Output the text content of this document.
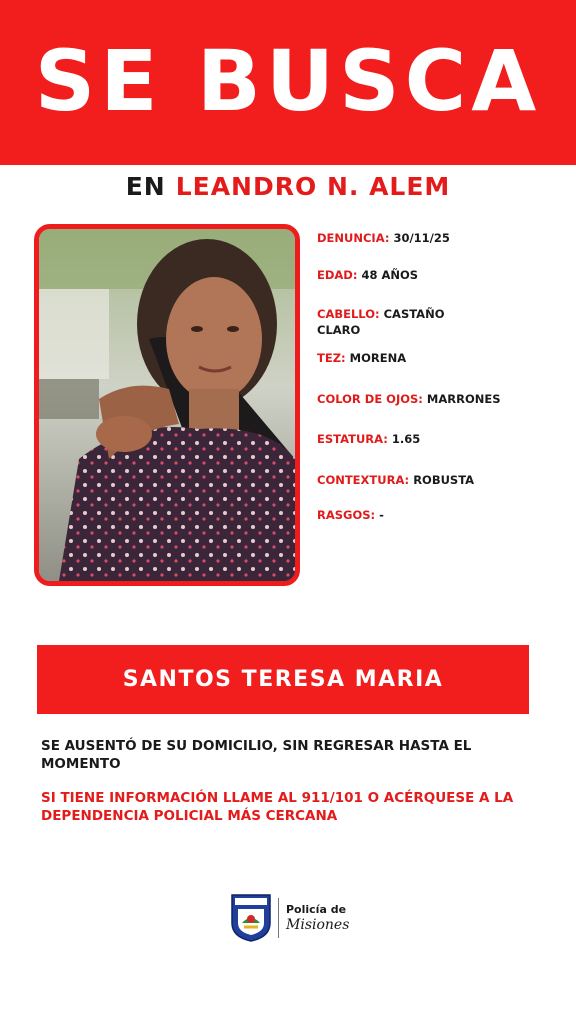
SE BUSCA
EN LEANDRO N. ALEM
DENUNCIA: 30/11/25
EDAD: 48 AÑOS
CABELLO: CASTAÑO CLARO
TEZ: MORENA
COLOR DE OJOS: MARRONES
ESTATURA: 1.65
CONTEXTURA: ROBUSTA
RASGOS: -
SANTOS TERESA MARIA
SE AUSENTÓ DE SU DOMICILIO, SIN REGRESAR HASTA EL MOMENTO
SI TIENE INFORMACIÓN LLAME AL 911/101 O ACÉRQUESE A LA DEPENDENCIA POLICIAL MÁS CERCANA
Policía de
Misiones
